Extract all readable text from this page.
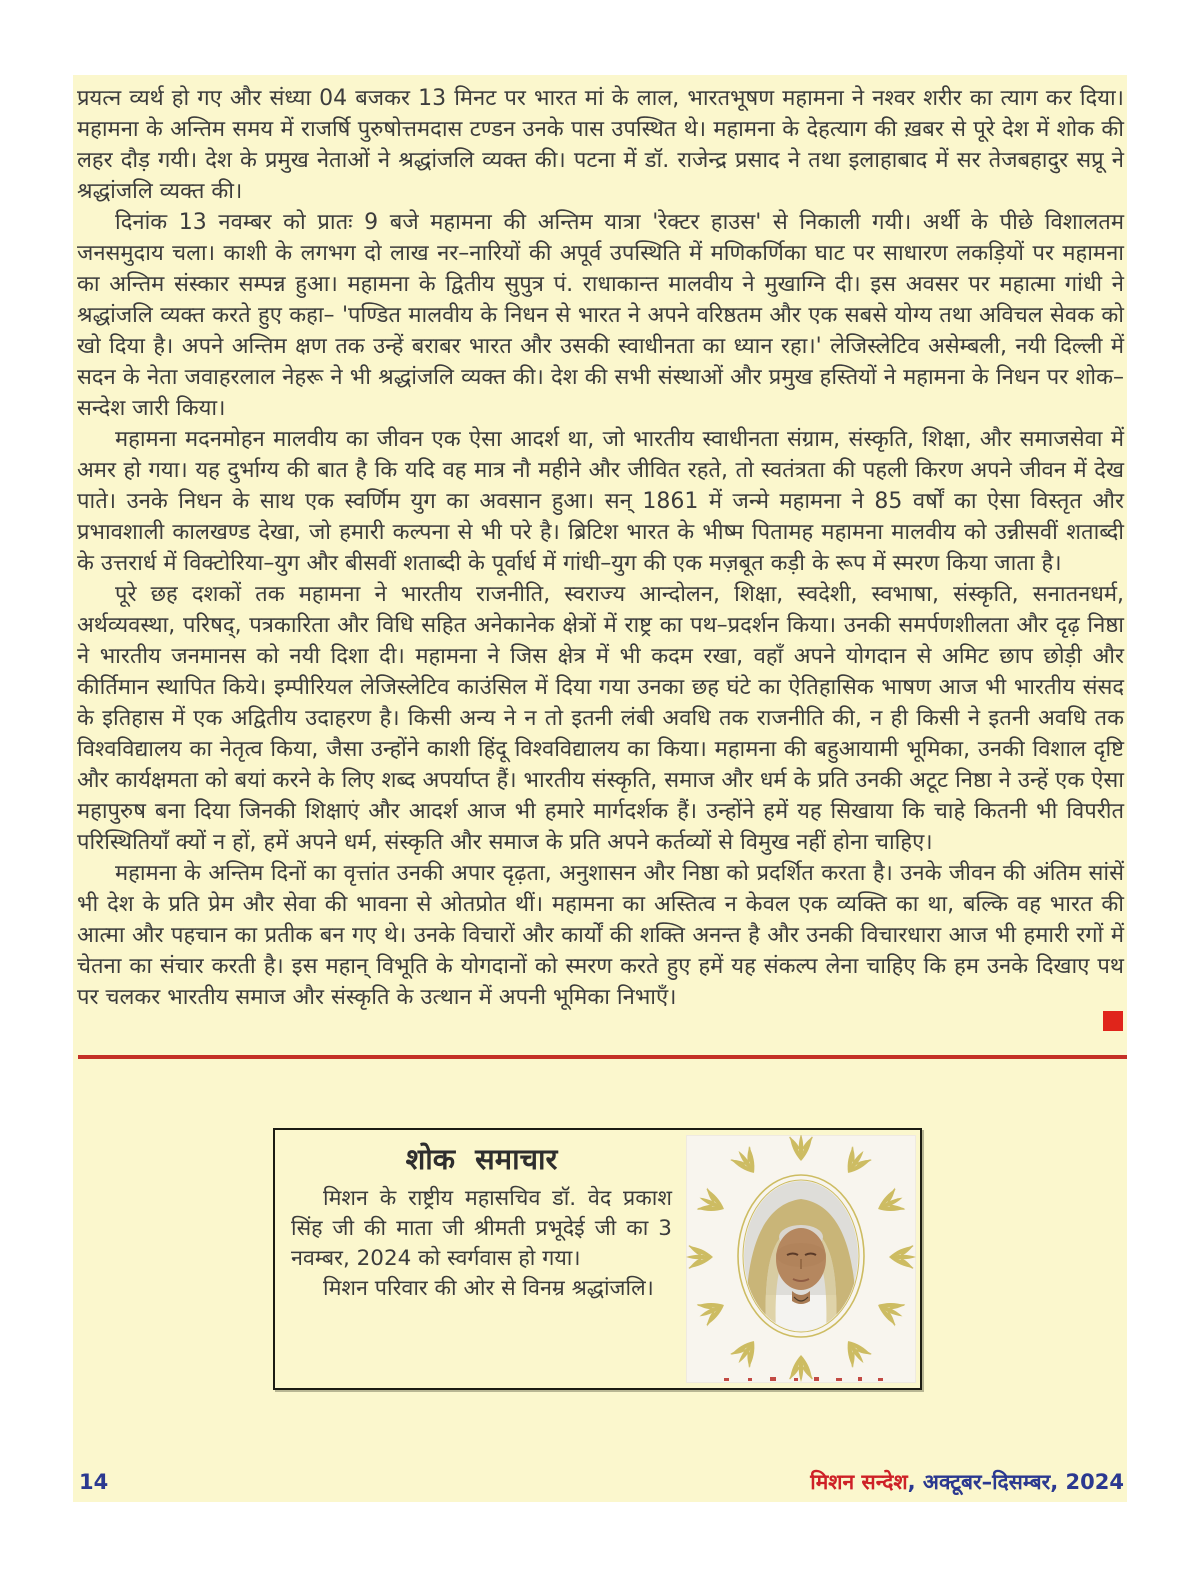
प्रयत्न व्यर्थ हो गए और संध्या 04 बजकर 13 मिनट पर भारत मां के लाल, भारतभूषण महामना ने नश्वर शरीर का त्याग कर दिया। महामना के अन्तिम समय में राजर्षि पुरुषोत्तमदास टण्डन उनके पास उपस्थित थे। महामना के देहत्याग की ख़बर से पूरे देश में शोक की लहर दौड़ गयी। देश के प्रमुख नेताओं ने श्रद्धांजलि व्यक्त की। पटना में डॉ. राजेन्द्र प्रसाद ने तथा इलाहाबाद में सर तेजबहादुर सप्रू ने श्रद्धांजलि व्यक्त की।

दिनांक 13 नवम्बर को प्रातः 9 बजे महामना की अन्तिम यात्रा 'रेक्टर हाउस' से निकाली गयी। अर्थी के पीछे विशालतम जनसमुदाय चला। काशी के लगभग दो लाख नर–नारियों की अपूर्व उपस्थिति में मणिकर्णिका घाट पर साधारण लकड़ियों पर महामना का अन्तिम संस्कार सम्पन्न हुआ। महामना के द्वितीय सुपुत्र पं. राधाकान्त मालवीय ने मुखाग्नि दी। इस अवसर पर महात्मा गांधी ने श्रद्धांजलि व्यक्त करते हुए कहा– 'पण्डित मालवीय के निधन से भारत ने अपने वरिष्ठतम और एक सबसे योग्य तथा अविचल सेवक को खो दिया है। अपने अन्तिम क्षण तक उन्हें बराबर भारत और उसकी स्वाधीनता का ध्यान रहा।' लेजिस्लेटिव असेम्बली, नयी दिल्ली में सदन के नेता जवाहरलाल नेहरू ने भी श्रद्धांजलि व्यक्त की। देश की सभी संस्थाओं और प्रमुख हस्तियों ने महामना के निधन पर शोक–सन्देश जारी किया।

महामना मदनमोहन मालवीय का जीवन एक ऐसा आदर्श था, जो भारतीय स्वाधीनता संग्राम, संस्कृति, शिक्षा, और समाजसेवा में अमर हो गया। यह दुर्भाग्य की बात है कि यदि वह मात्र नौ महीने और जीवित रहते, तो स्वतंत्रता की पहली किरण अपने जीवन में देख पाते। उनके निधन के साथ एक स्वर्णिम युग का अवसान हुआ। सन् 1861 में जन्मे महामना ने 85 वर्षों का ऐसा विस्तृत और प्रभावशाली कालखण्ड देखा, जो हमारी कल्पना से भी परे है। ब्रिटिश भारत के भीष्म पितामह महामना मालवीय को उन्नीसवीं शताब्दी के उत्तरार्ध में विक्टोरिया–युग और बीसवीं शताब्दी के पूर्वार्ध में गांधी–युग की एक मज़बूत कड़ी के रूप में स्मरण किया जाता है।

पूरे छह दशकों तक महामना ने भारतीय राजनीति, स्वराज्य आन्दोलन, शिक्षा, स्वदेशी, स्वभाषा, संस्कृति, सनातनधर्म, अर्थव्यवस्था, परिषद्, पत्रकारिता और विधि सहित अनेकानेक क्षेत्रों में राष्ट्र का पथ–प्रदर्शन किया। उनकी समर्पणशीलता और दृढ़ निष्ठा ने भारतीय जनमानस को नयी दिशा दी। महामना ने जिस क्षेत्र में भी कदम रखा, वहाँ अपने योगदान से अमिट छाप छोड़ी और कीर्तिमान स्थापित किये। इम्पीरियल लेजिस्लेटिव काउंसिल में दिया गया उनका छह घंटे का ऐतिहासिक भाषण आज भी भारतीय संसद के इतिहास में एक अद्वितीय उदाहरण है। किसी अन्य ने न तो इतनी लंबी अवधि तक राजनीति की, न ही किसी ने इतनी अवधि तक विश्वविद्यालय का नेतृत्व किया, जैसा उन्होंने काशी हिंदू विश्वविद्यालय का किया। महामना की बहुआयामी भूमिका, उनकी विशाल दृष्टि और कार्यक्षमता को बयां करने के लिए शब्द अपर्याप्त हैं। भारतीय संस्कृति, समाज और धर्म के प्रति उनकी अटूट निष्ठा ने उन्हें एक ऐसा महापुरुष बना दिया जिनकी शिक्षाएं और आदर्श आज भी हमारे मार्गदर्शक हैं। उन्होंने हमें यह सिखाया कि चाहे कितनी भी विपरीत परिस्थितियाँ क्यों न हों, हमें अपने धर्म, संस्कृति और समाज के प्रति अपने कर्तव्यों से विमुख नहीं होना चाहिए।

महामना के अन्तिम दिनों का वृत्तांत उनकी अपार दृढ़ता, अनुशासन और निष्ठा को प्रदर्शित करता है। उनके जीवन की अंतिम सांसें भी देश के प्रति प्रेम और सेवा की भावना से ओतप्रोत थीं। महामना का अस्तित्व न केवल एक व्यक्ति का था, बल्कि वह भारत की आत्मा और पहचान का प्रतीक बन गए थे। उनके विचारों और कार्यों की शक्ति अनन्त है और उनकी विचारधारा आज भी हमारी रगों में चेतना का संचार करती है। इस महान् विभूति के योगदानों को स्मरण करते हुए हमें यह संकल्प लेना चाहिए कि हम उनके दिखाए पथ पर चलकर भारतीय समाज और संस्कृति के उत्थान में अपनी भूमिका निभाएँ।

शोक समाचार

मिशन के राष्ट्रीय महासचिव डॉ. वेद प्रकाश सिंह जी की माता जी श्रीमती प्रभूदेई जी का 3 नवम्बर, 2024 को स्वर्गवास हो गया।

मिशन परिवार की ओर से विनम्र श्रद्धांजलि।

14	मिशन सन्देश, अक्टूबर–दिसम्बर, 2024
